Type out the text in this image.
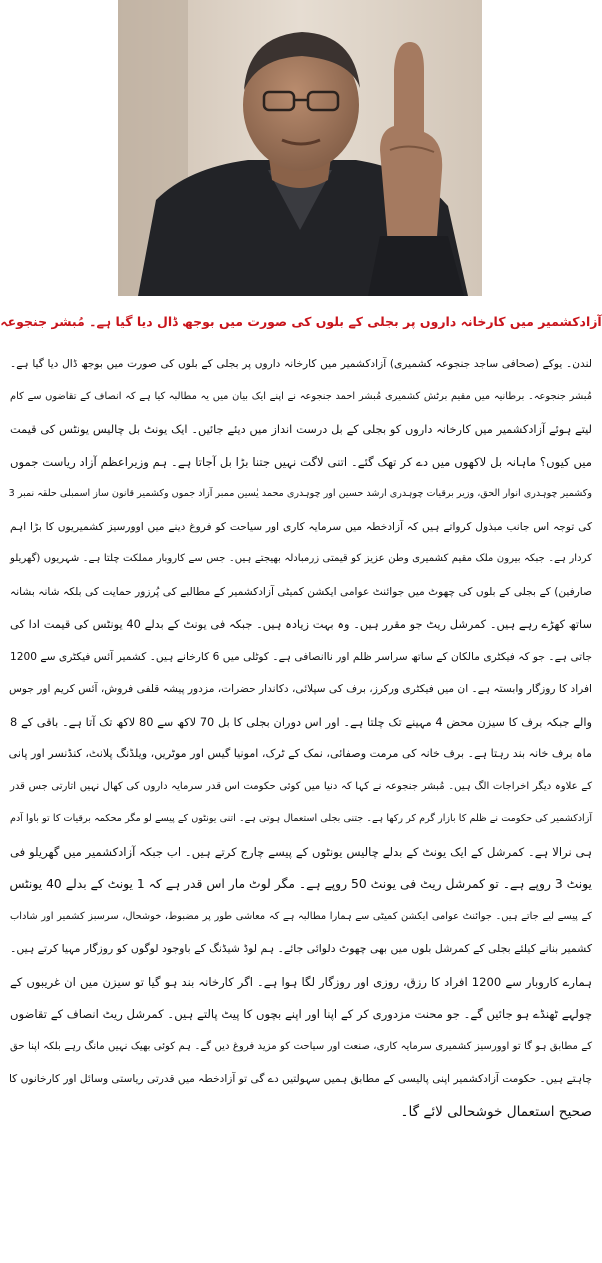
آزادکشمیر میں کارخانہ داروں پر بجلی کے بلوں کی صورت میں بوجھ ڈال دیا گیا ہے۔ مُبشر جنجوعہ
لندن۔ یوکے (صحافی ساجد جنجوعہ کشمیری) آزادکشمیر میں کارخانہ داروں پر بجلی کے بلوں کی صورت میں بوجھ ڈال دیا گیا ہے۔
مُبشر جنجوعہ۔ برطانیہ میں مقیم برٹش کشمیری مُبشر احمد جنجوعہ نے اپنے ایک بیان میں یہ مطالبہ کیا ہے کہ انصاف کے تقاضوں سے کام
لیتے ہوئے آزادکشمیر میں کارخانہ داروں کو بجلی کے بل درست انداز میں دیئے جائیں۔ ایک یونٹ بل چالیس یونٹس کی قیمت
میں کیوں؟ ماہانہ بل لاکھوں میں دے کر تھک گئے۔ اتنی لاگت نہیں جتنا بڑا بل آجاتا ہے۔ ہم وزیراعظم آزاد ریاست جموں
وکشمیر چوہدری انوار الحق، وزیر برقیات چوہدری ارشد حسین اور چوہدری محمد یٰسین ممبر آزاد جموں وکشمیر قانون ساز اسمبلی حلقہ نمبر 3
کی توجہ اس جانب مبذول کرواتے ہیں کہ آزادخطہ میں سرمایہ کاری اور سیاحت کو فروغ دینے میں اوورسیز کشمیریوں کا بڑا اہم
کردار ہے۔ جبکہ بیرون ملک مقیم کشمیری وطن عزیز کو قیمتی زرمبادلہ بھیجتے ہیں۔ جس سے کاروبار مملکت چلتا ہے۔ شہریوں (گھریلو
صارفین) کے بجلی کے بلوں کی چھوٹ میں جوائنٹ عوامی ایکشن کمیٹی آزادکشمیر کے مطالبے کی پُرزور حمایت کی بلکہ شانہ بشانہ
ساتھ کھڑے رہے ہیں۔ کمرشل ریٹ جو مقرر ہیں۔ وہ بہت زیادہ ہیں۔ جبکہ فی یونٹ کے بدلے 40 یونٹس کی قیمت ادا کی
جاتی ہے۔ جو کہ فیکٹری مالکان کے ساتھ سراسر ظلم اور ناانصافی ہے۔ کوٹلی میں 6 کارخانے ہیں۔ کشمیر آئس فیکٹری سے 1200
افراد کا روزگار وابستہ ہے۔ ان میں فیکٹری ورکرز، برف کی سپلائی، دکاندار حضرات، مزدور پیشہ قلفی فروش، آئس کریم اور جوس
والے جبکہ برف کا سیزن محض 4 مہینے تک چلتا ہے۔ اور اس دوران بجلی کا بل 70 لاکھ سے 80 لاکھ تک آتا ہے۔ باقی کے 8
ماہ برف خانہ بند رہتا ہے۔ برف خانہ کی مرمت وصفائی، نمک کے ٹرک، امونیا گیس اور موٹریں، ویلڈنگ پلانٹ، کنڈنسر اور پانی
کے علاوہ دیگر اخراجات الگ ہیں۔ مُبشر جنجوعہ نے کہا کہ دنیا میں کوئی حکومت اس قدر سرمایہ داروں کی کھال نہیں اتارتی جس قدر
آزادکشمیر کی حکومت نے ظلم کا بازار گرم کر رکھا ہے۔ جتنی بجلی استعمال ہوتی ہے۔ اتنی یونٹوں کے پیسے لو مگر محکمہ برقیات کا تو باوا آدم
ہی نرالا ہے۔ کمرشل کے ایک یونٹ کے بدلے چالیس یونٹوں کے پیسے چارج کرتے ہیں۔ اب جبکہ آزادکشمیر میں گھریلو فی
یونٹ 3 روپے ہے۔ تو کمرشل ریٹ فی یونٹ 50 روپے ہے۔ مگر لوٹ مار اس قدر ہے کہ 1 یونٹ کے بدلے 40 یونٹس
کے پیسے لیے جاتے ہیں۔ جوائنٹ عوامی ایکشن کمیٹی سے ہمارا مطالبہ ہے کہ معاشی طور پر مضبوط، خوشحال، سرسبز کشمیر اور شاداب
کشمیر بنانے کیلئے بجلی کے کمرشل بلوں میں بھی چھوٹ دلوائی جائے۔ ہم لوڈ شیڈنگ کے باوجود لوگوں کو روزگار مہیا کرتے ہیں۔
ہمارے کاروبار سے 1200 افراد کا رزق، روزی اور روزگار لگا ہوا ہے۔ اگر کارخانہ بند ہو گیا تو سیزن میں ان غریبوں کے
چولہے ٹھنڈے ہو جائیں گے۔ جو محنت مزدوری کر کے اپنا اور اپنے بچوں کا پیٹ پالتے ہیں۔ کمرشل ریٹ انصاف کے تقاضوں
کے مطابق ہو گا تو اوورسیز کشمیری سرمایہ کاری، صنعت اور سیاحت کو مزید فروغ دیں گے۔ ہم کوئی بھیک نہیں مانگ رہے بلکہ اپنا حق
چاہتے ہیں۔ حکومت آزادکشمیر اپنی پالیسی کے مطابق ہمیں سہولتیں دے گی تو آزادخطہ میں قدرتی ریاستی وسائل اور کارخانوں کا
صحیح استعمال خوشحالی لائے گا۔
